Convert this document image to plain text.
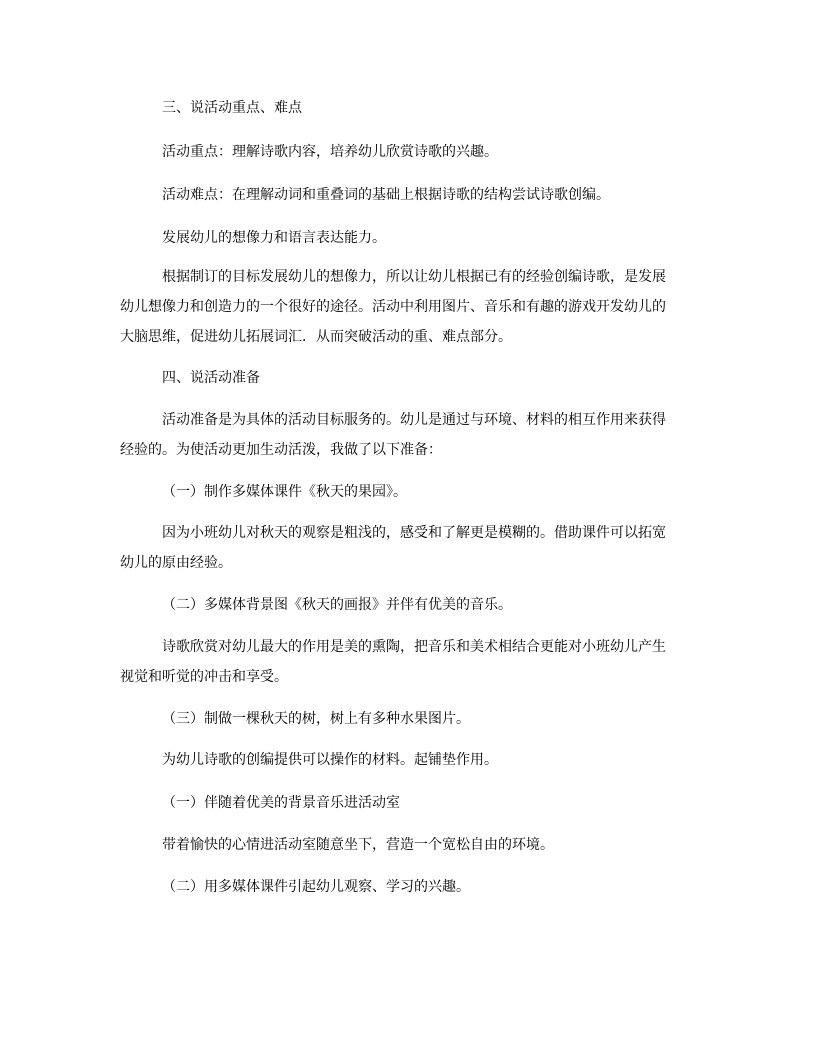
三、说活动重点、难点
活动重点：理解诗歌内容，培养幼儿欣赏诗歌的兴趣。
活动难点：在理解动词和重叠词的基础上根据诗歌的结构尝试诗歌创编。
发展幼儿的想像力和语言表达能力。
根据制订的目标发展幼儿的想像力，所以让幼儿根据已有的经验创编诗歌，是发展
幼儿想像力和创造力的一个很好的途径。活动中利用图片、音乐和有趣的游戏开发幼儿的
大脑思维，促进幼儿拓展词汇．从而突破活动的重、难点部分。
四、说活动准备
活动准备是为具体的活动目标服务的。幼儿是通过与环境、材料的相互作用来获得
经验的。为使活动更加生动活泼，我做了以下准备：
（一）制作多媒体课件《秋天的果园》。
因为小班幼儿对秋天的观察是粗浅的，感受和了解更是模糊的。借助课件可以拓宽
幼儿的原由经验。
（二）多媒体背景图《秋天的画报》并伴有优美的音乐。
诗歌欣赏对幼儿最大的作用是美的熏陶，把音乐和美术相结合更能对小班幼儿产生
视觉和听觉的冲击和享受。
（三）制做一棵秋天的树，树上有多种水果图片。
为幼儿诗歌的创编提供可以操作的材料。起铺垫作用。
（一）伴随着优美的背景音乐进活动室
带着愉快的心情进活动室随意坐下，营造一个宽松自由的环境。
（二）用多媒体课件引起幼儿观察、学习的兴趣。
